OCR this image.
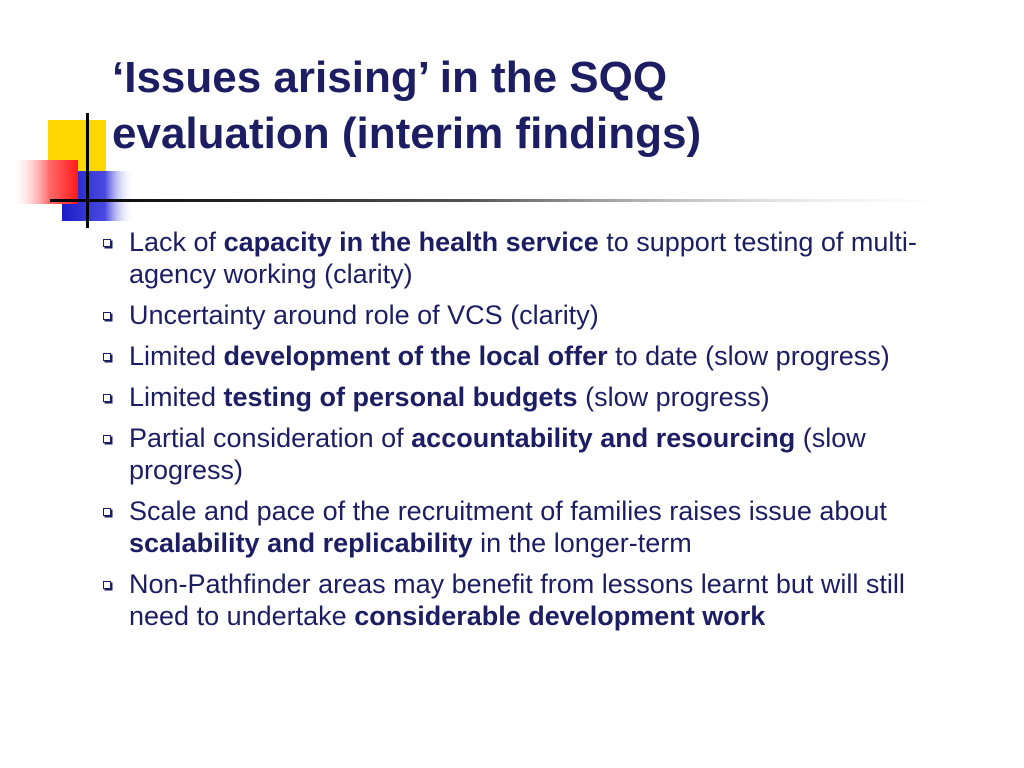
‘Issues arising’ in the SQQ
evaluation (interim findings)
Lack of capacity in the health service to support testing of multi-agency working (clarity)
Uncertainty around role of VCS (clarity)
Limited development of the local offer to date (slow progress)
Limited testing of personal budgets (slow progress)
Partial consideration of accountability and resourcing (slow progress)
Scale and pace of the recruitment of families raises issue about scalability and replicability in the longer-term
Non-Pathfinder areas may benefit from lessons learnt but will still need to undertake considerable development work
